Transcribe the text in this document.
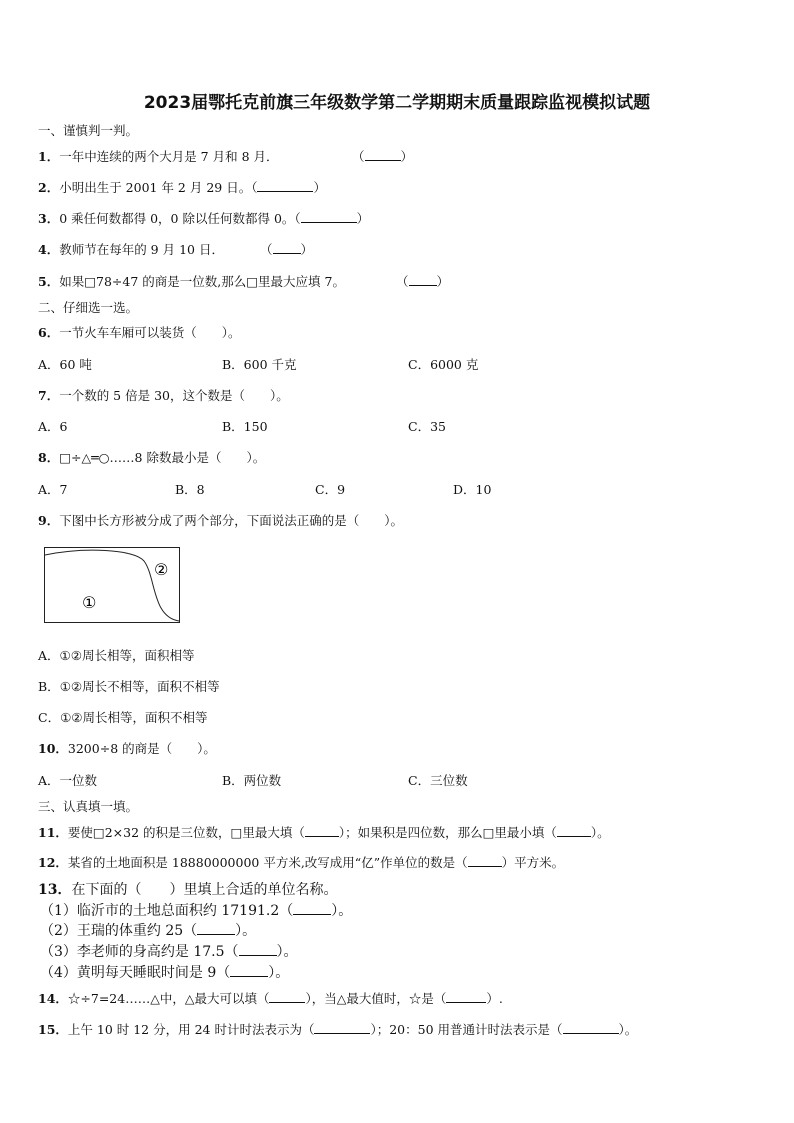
2023届鄂托克前旗三年级数学第二学期期末质量跟踪监视模拟试题
一、谨慎判一判。
1．一年中连续的两个大月是 7 月和 8 月．	（	）
2．小明出生于 2001 年 2 月 29 日。（	）
3．0 乘任何数都得 0，0 除以任何数都得 0。（	）
4．教师节在每年的 9 月 10 日．	（ ）
5．如果□78÷47 的商是一位数,那么□里最大应填 7。	（ ）
二、仔细选一选。
6．一节火车车厢可以装货（　　）。
A．60 吨	B．600 千克	C．6000 克
7．一个数的 5 倍是 30，这个数是（　　）。
A．6	B．150	C．35
8．□÷△═○……8 除数最小是（　　）。
A．7	B．8	C．9	D．10
9．下图中长方形被分成了两个部分，下面说法正确的是（　　）。
①
②
A．①②周长相等，面积相等
B．①②周长不相等，面积不相等
C．①②周长相等，面积不相等
10．3200÷8 的商是（　　）。
A．一位数	B．两位数	C．三位数
三、认真填一填。
11．要使□2×32 的积是三位数，□里最大填（	）；如果积是四位数，那么□里最小填（	）。
12．某省的土地面积是 18880000000 平方米,改写成用“亿”作单位的数是（	）平方米。
13．在下面的（　　）里填上合适的单位名称。
（1）临沂市的土地总面积约 17191.2（	）。
（2）王瑞的体重约 25（	）。
（3）李老师的身高约是 17.5（	）。
（4）黄明每天睡眠时间是 9（	）。
14．☆÷7=24……△中，△最大可以填（	），当△最大值时，☆是（	）.
15．上午 10 时 12 分，用 24 时计时法表示为（	）；20：50 用普通计时法表示是（	）。
